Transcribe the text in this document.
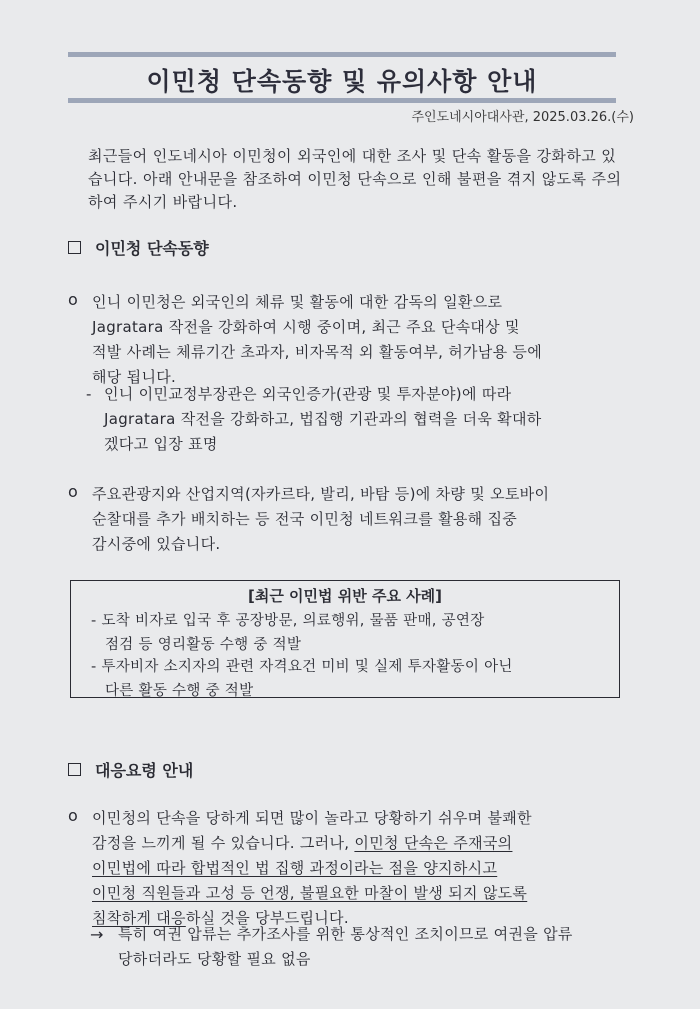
이민청 단속동향 및 유의사항 안내
주인도네시아대사관, 2025.03.26.(수)
최근들어 인도네시아 이민청이 외국인에 대한 조사 및 단속 활동을 강화하고 있습니다. 아래 안내문을 참조하여 이민청 단속으로 인해 불편을 겪지 않도록 주의하여 주시기 바랍니다.
이민청 단속동향
o 인니 이민청은 외국인의 체류 및 활동에 대한 감독의 일환으로
Jagratara 작전을 강화하여 시행 중이며, 최근 주요 단속대상 및
적발 사례는 체류기간 초과자, 비자목적 외 활동여부, 허가남용 등에
해당 됩니다.
- 인니 이민교정부장관은 외국인증가(관광 및 투자분야)에 따라
Jagratara 작전을 강화하고, 법집행 기관과의 협력을 더욱 확대하
겠다고 입장 표명
o 주요관광지와 산업지역(자카르타, 발리, 바탐 등)에 차량 및 오토바이
순찰대를 추가 배치하는 등 전국 이민청 네트워크를 활용해 집중
감시중에 있습니다.
[최근 이민법 위반 주요 사례]
- 도착 비자로 입국 후 공장방문, 의료행위, 물품 판매, 공연장
점검 등 영리활동 수행 중 적발
- 투자비자 소지자의 관련 자격요건 미비 및 실제 투자활동이 아닌
다른 활동 수행 중 적발
대응요령 안내
o 이민청의 단속을 당하게 되면 많이 놀라고 당황하기 쉬우며 불쾌한
감정을 느끼게 될 수 있습니다. 그러나, 이민청 단속은 주재국의
이민법에 따라 합법적인 법 집행 과정이라는 점을 양지하시고
이민청 직원들과 고성 등 언쟁, 불필요한 마찰이 발생 되지 않도록
침착하게 대응하실 것을 당부드립니다.
→ 특히 여권 압류는 추가조사를 위한 통상적인 조치이므로 여권을 압류
당하더라도 당황할 필요 없음
